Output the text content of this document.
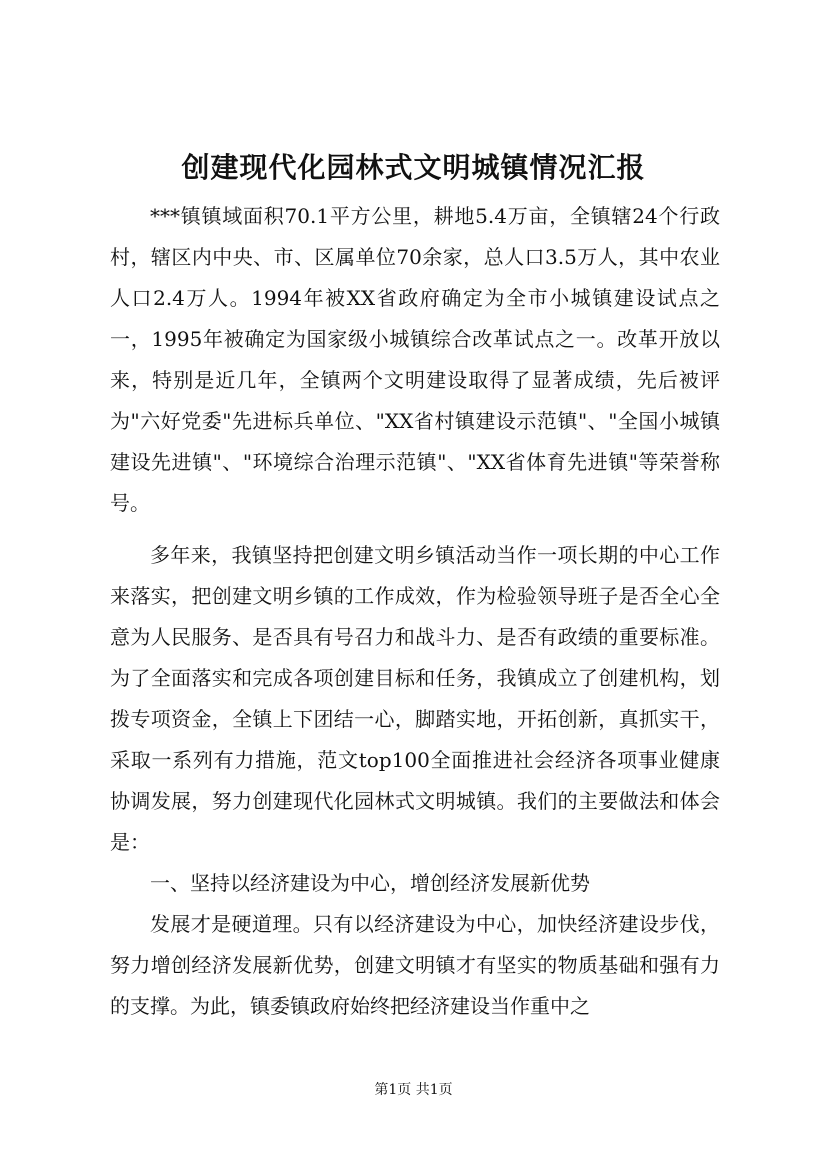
创建现代化园林式文明城镇情况汇报

***镇镇域面积70.1平方公里，耕地5.4万亩，全镇辖24个行政村，辖区内中央、市、区属单位70余家，总人口3.5万人，其中农业人口2.4万人。1994年被XX省政府确定为全市小城镇建设试点之一，1995年被确定为国家级小城镇综合改革试点之一。改革开放以来，特别是近几年，全镇两个文明建设取得了显著成绩，先后被评为"六好党委"先进标兵单位、"XX省村镇建设示范镇"、"全国小城镇建设先进镇"、"环境综合治理示范镇"、"XX省体育先进镇"等荣誉称号。

多年来，我镇坚持把创建文明乡镇活动当作一项长期的中心工作来落实，把创建文明乡镇的工作成效，作为检验领导班子是否全心全意为人民服务、是否具有号召力和战斗力、是否有政绩的重要标准。为了全面落实和完成各项创建目标和任务，我镇成立了创建机构，划拨专项资金，全镇上下团结一心，脚踏实地，开拓创新，真抓实干，采取一系列有力措施，范文top100全面推进社会经济各项事业健康协调发展，努力创建现代化园林式文明城镇。我们的主要做法和体会是：

一、坚持以经济建设为中心，增创经济发展新优势

发展才是硬道理。只有以经济建设为中心，加快经济建设步伐，努力增创经济发展新优势，创建文明镇才有坚实的物质基础和强有力的支撑。为此，镇委镇政府始终把经济建设当作重中之

第1页 共1页
